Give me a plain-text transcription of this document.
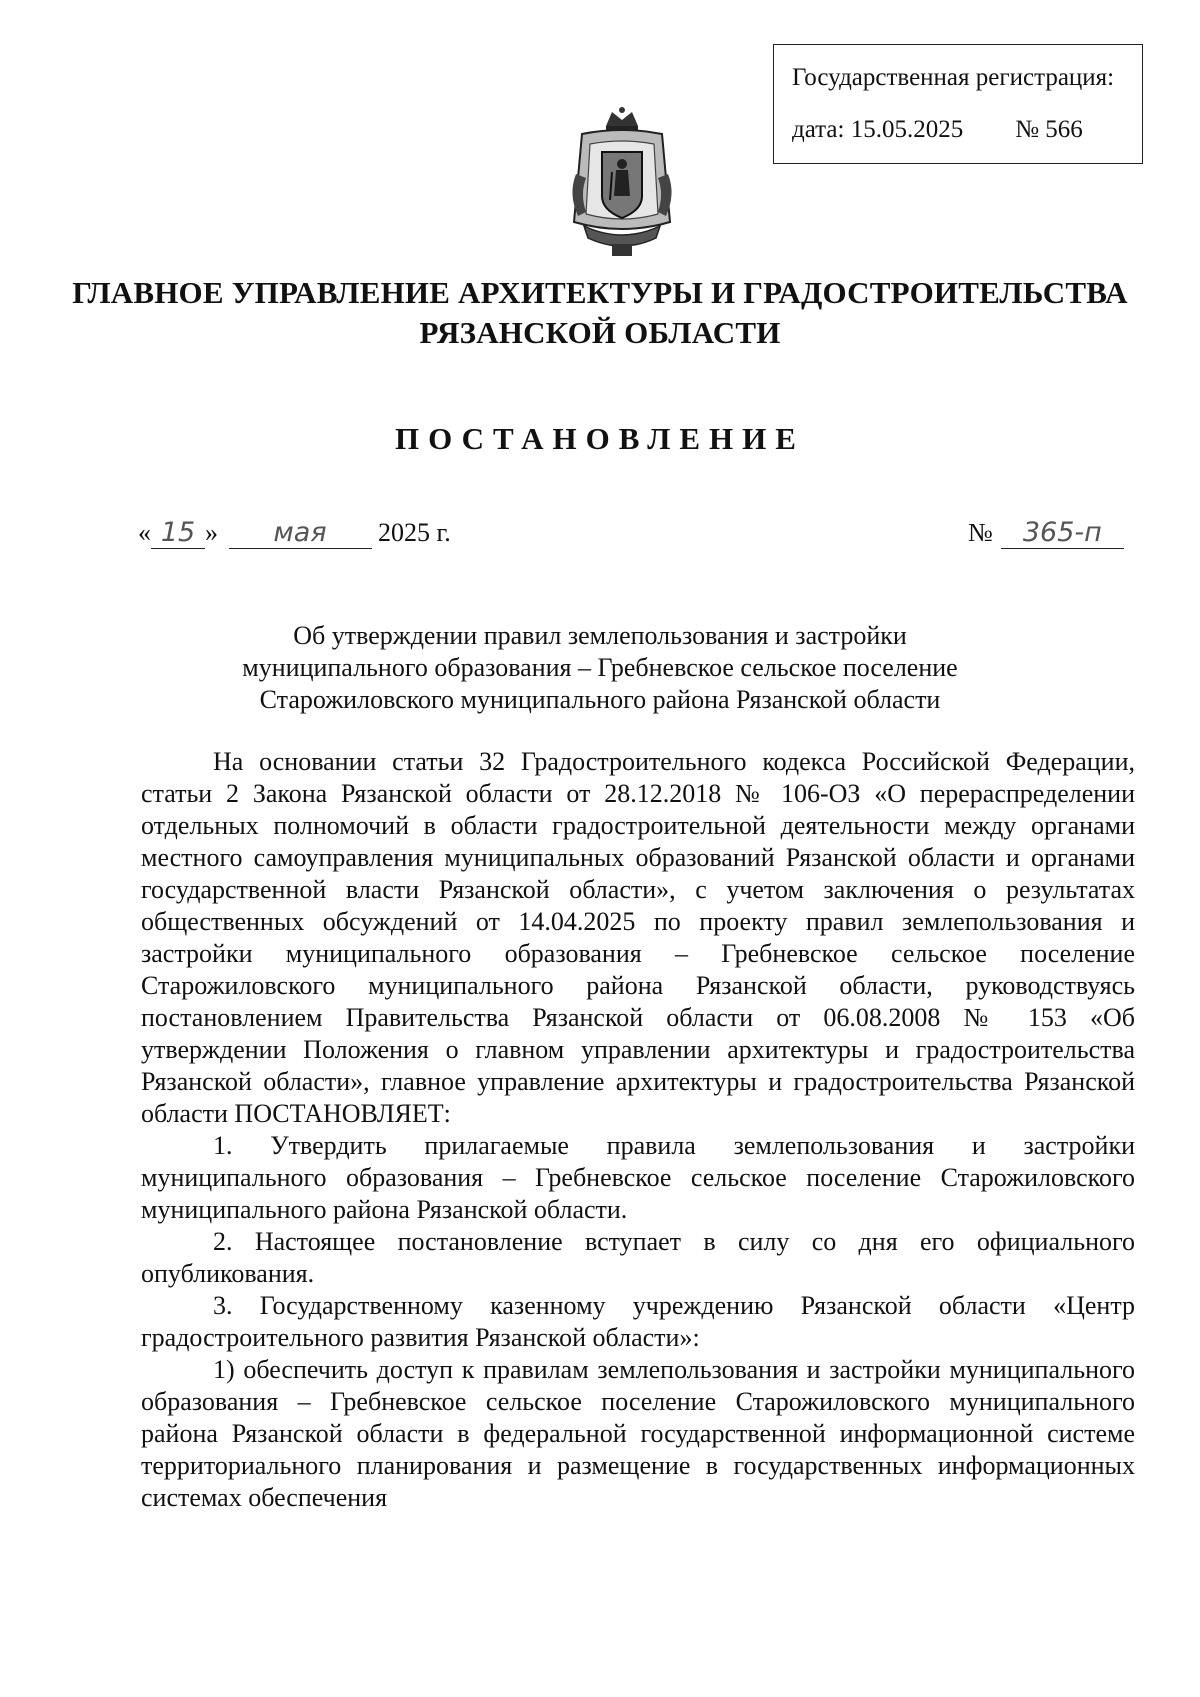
Государственная регистрация:
дата: 15.05.2025 № 566
ГЛАВНОЕ УПРАВЛЕНИЕ АРХИТЕКТУРЫ И ГРАДОСТРОИТЕЛЬСТВА
РЯЗАНСКОЙ ОБЛАСТИ
ПОСТАНОВЛЕНИЕ
« 15 » мая 2025 г.	№ 365-п
Об утверждении правил землепользования и застройки
муниципального образования – Гребневское сельское поселение
Старожиловского муниципального района Рязанской области

На основании статьи 32 Градостроительного кодекса Российской Федерации, статьи 2 Закона Рязанской области от 28.12.2018 № 106-ОЗ «О перераспределении отдельных полномочий в области градостроительной деятельности между органами местного самоуправления муниципальных образований Рязанской области и органами государственной власти Рязанской области», с учетом заключения о результатах общественных обсуждений от 14.04.2025 по проекту правил землепользования и застройки муниципального образования – Гребневское сельское поселение Старожиловского муниципального района Рязанской области, руководствуясь постановлением Правительства Рязанской области от 06.08.2008 № 153 «Об утверждении Положения о главном управлении архитектуры и градостроительства Рязанской области», главное управление архитектуры и градостроительства Рязанской области ПОСТАНОВЛЯЕТ:

1. Утвердить прилагаемые правила землепользования и застройки муниципального образования – Гребневское сельское поселение Старожиловского муниципального района Рязанской области.

2. Настоящее постановление вступает в силу со дня его официального опубликования.

3. Государственному казенному учреждению Рязанской области «Центр градостроительного развития Рязанской области»:

1) обеспечить доступ к правилам землепользования и застройки муниципального образования – Гребневское сельское поселение Старожиловского муниципального района Рязанской области в федеральной государственной информационной системе территориального планирования и размещение в государственных информационных системах обеспечения
